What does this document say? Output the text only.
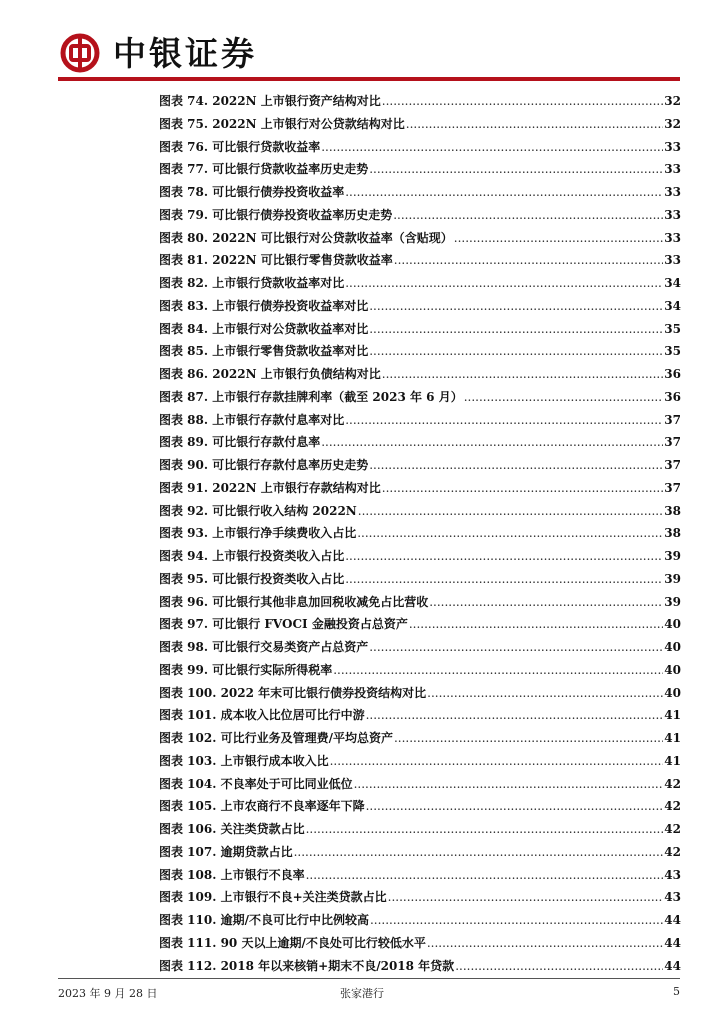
中银证券
图表 74. 2022N 上市银行资产结构对比 .....	32
图表 75. 2022N 上市银行对公贷款结构对比 .....	32
图表 76. 可比银行贷款收益率 .....	33
图表 77. 可比银行贷款收益率历史走势 .....	33
图表 78. 可比银行债券投资收益率 .....	33
图表 79. 可比银行债券投资收益率历史走势 .....	33
图表 80. 2022N 可比银行对公贷款收益率（含贴现） .....	33
图表 81. 2022N 可比银行零售贷款收益率 .....	33
图表 82. 上市银行贷款收益率对比 .....	34
图表 83. 上市银行债券投资收益率对比 .....	34
图表 84. 上市银行对公贷款收益率对比 .....	35
图表 85. 上市银行零售贷款收益率对比 .....	35
图表 86. 2022N 上市银行负债结构对比 .....	36
图表 87. 上市银行存款挂牌利率（截至 2023 年 6 月） .....	36
图表 88. 上市银行存款付息率对比 .....	37
图表 89. 可比银行存款付息率 .....	37
图表 90. 可比银行存款付息率历史走势 .....	37
图表 91. 2022N 上市银行存款结构对比 .....	37
图表 92. 可比银行收入结构 2022N .....	38
图表 93. 上市银行净手续费收入占比 .....	38
图表 94. 上市银行投资类收入占比 .....	39
图表 95. 可比银行投资类收入占比 .....	39
图表 96. 可比银行其他非息加回税收减免占比营收 .....	39
图表 97. 可比银行 FVOCI 金融投资占总资产 .....	40
图表 98. 可比银行交易类资产占总资产 .....	40
图表 99. 可比银行实际所得税率 .....	40
图表 100. 2022 年末可比银行债券投资结构对比 .....	40
图表 101. 成本收入比位居可比行中游 .....	41
图表 102. 可比行业务及管理费/平均总资产 .....	41
图表 103. 上市银行成本收入比 .....	41
图表 104. 不良率处于可比同业低位 .....	42
图表 105. 上市农商行不良率逐年下降 .....	42
图表 106. 关注类贷款占比 .....	42
图表 107. 逾期贷款占比 .....	42
图表 108. 上市银行不良率 .....	43
图表 109. 上市银行不良+关注类贷款占比 .....	43
图表 110. 逾期/不良可比行中比例较高 .....	44
图表 111. 90 天以上逾期/不良处可比行较低水平 .....	44
图表 112. 2018 年以来核销+期末不良/2018 年贷款 .....	44
2023 年 9 月 28 日	张家港行	5
